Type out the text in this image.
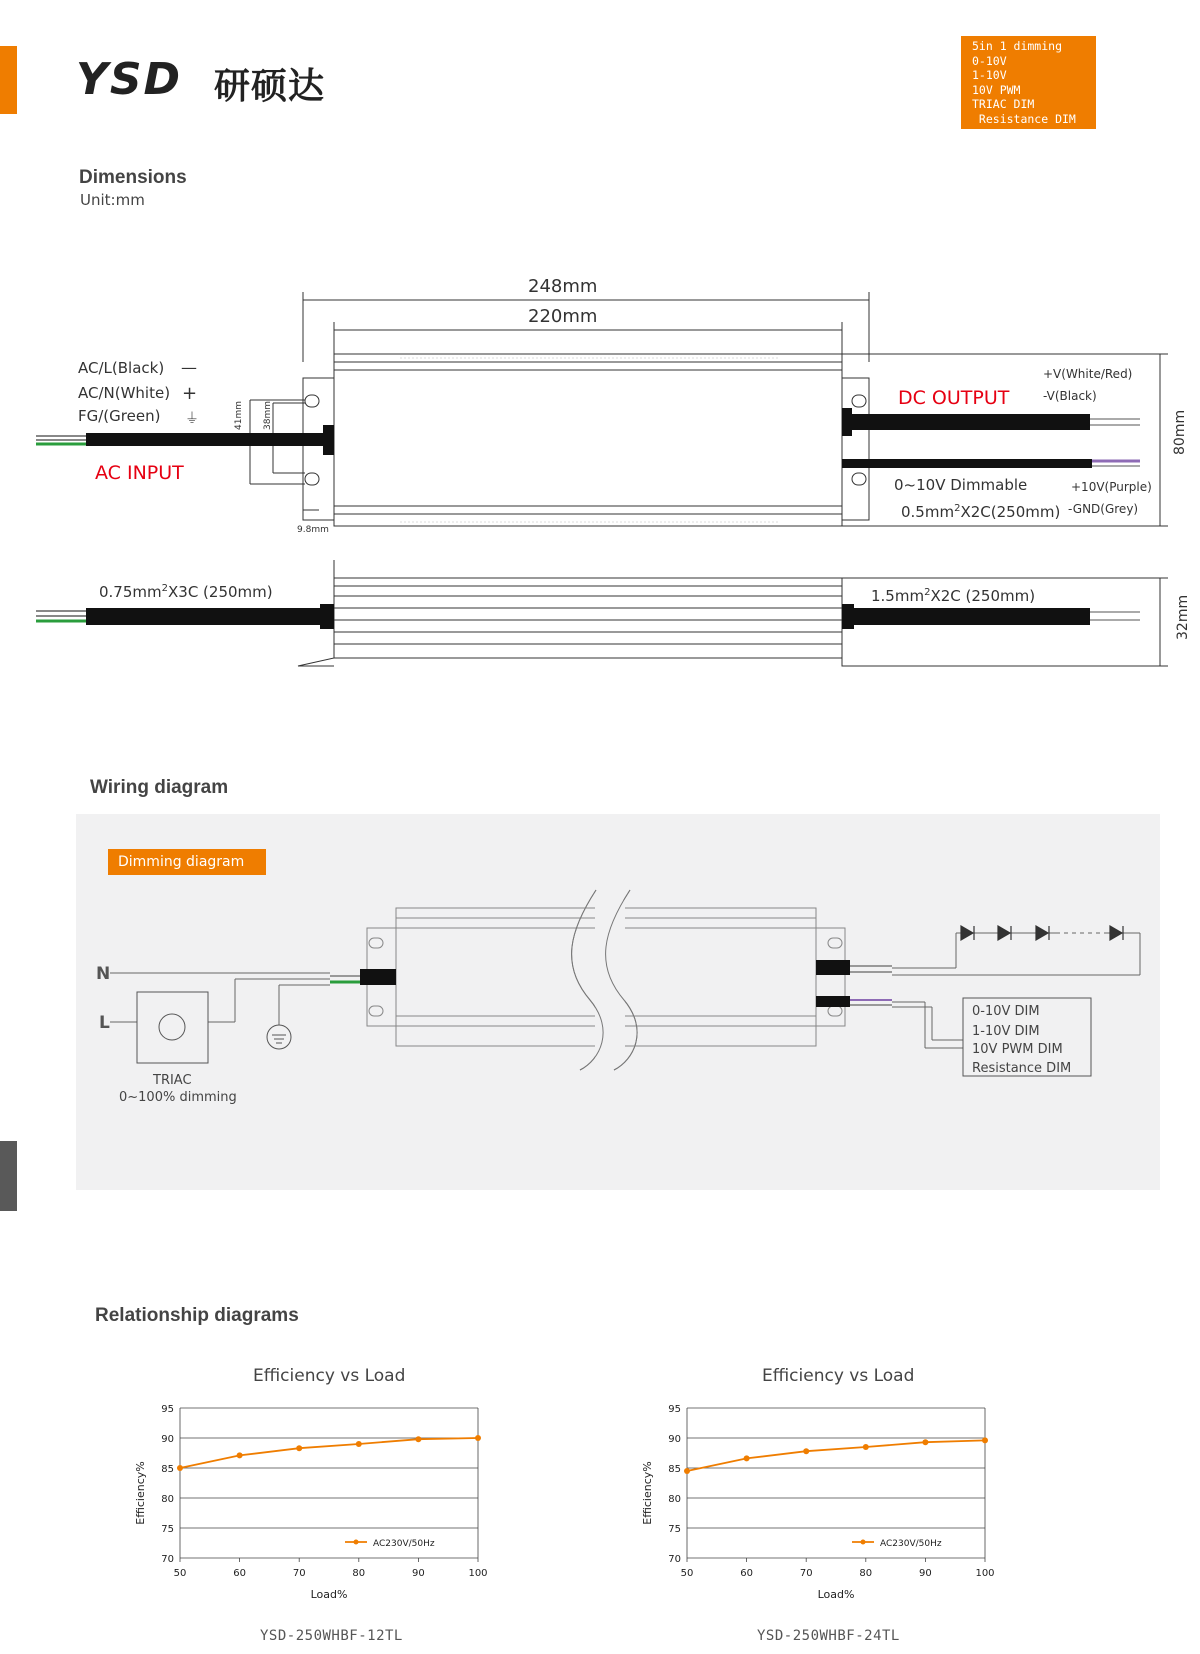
YSD 研硕达
5in 1 dimming
0-10V
1-10V
10V PWM
TRIAC DIM
Resistance DIM
Dimensions
Unit:mm
248mm
220mm
AC/L(Black)
AC/N(White)
FG/(Green)
—
+
⏚
AC INPUT
DC OUTPUT
+V(White/Red)
-V(Black)
0~10V Dimmable
$0.5mm^2X2C(250mm)$
+10V(Purple)
-GND(Grey)
80mm
32mm
41mm 38mm
9.8mm
$0.75mm^2X3C$ (250mm)	$1.5mm^2X2C$ (250mm)
Wiring diagram
Dimming diagram
N
L
TRIAC
0~100% dimming
0-10V DIM
1-10V DIM
10V PWM DIM
Resistance DIM
Relationship diagrams
Efficiency vs Load	Efficiency vs Load
70
75
80
85
90
95
50	60	70	80	90	100
Load%
Efficiency%
AC230V/50Hz
70
75
80
85
90
95
50	60	70	80	90	100
Load%
Efficiency%
AC230V/50Hz
YSD-250WHBF-12TL	YSD-250WHBF-24TL
